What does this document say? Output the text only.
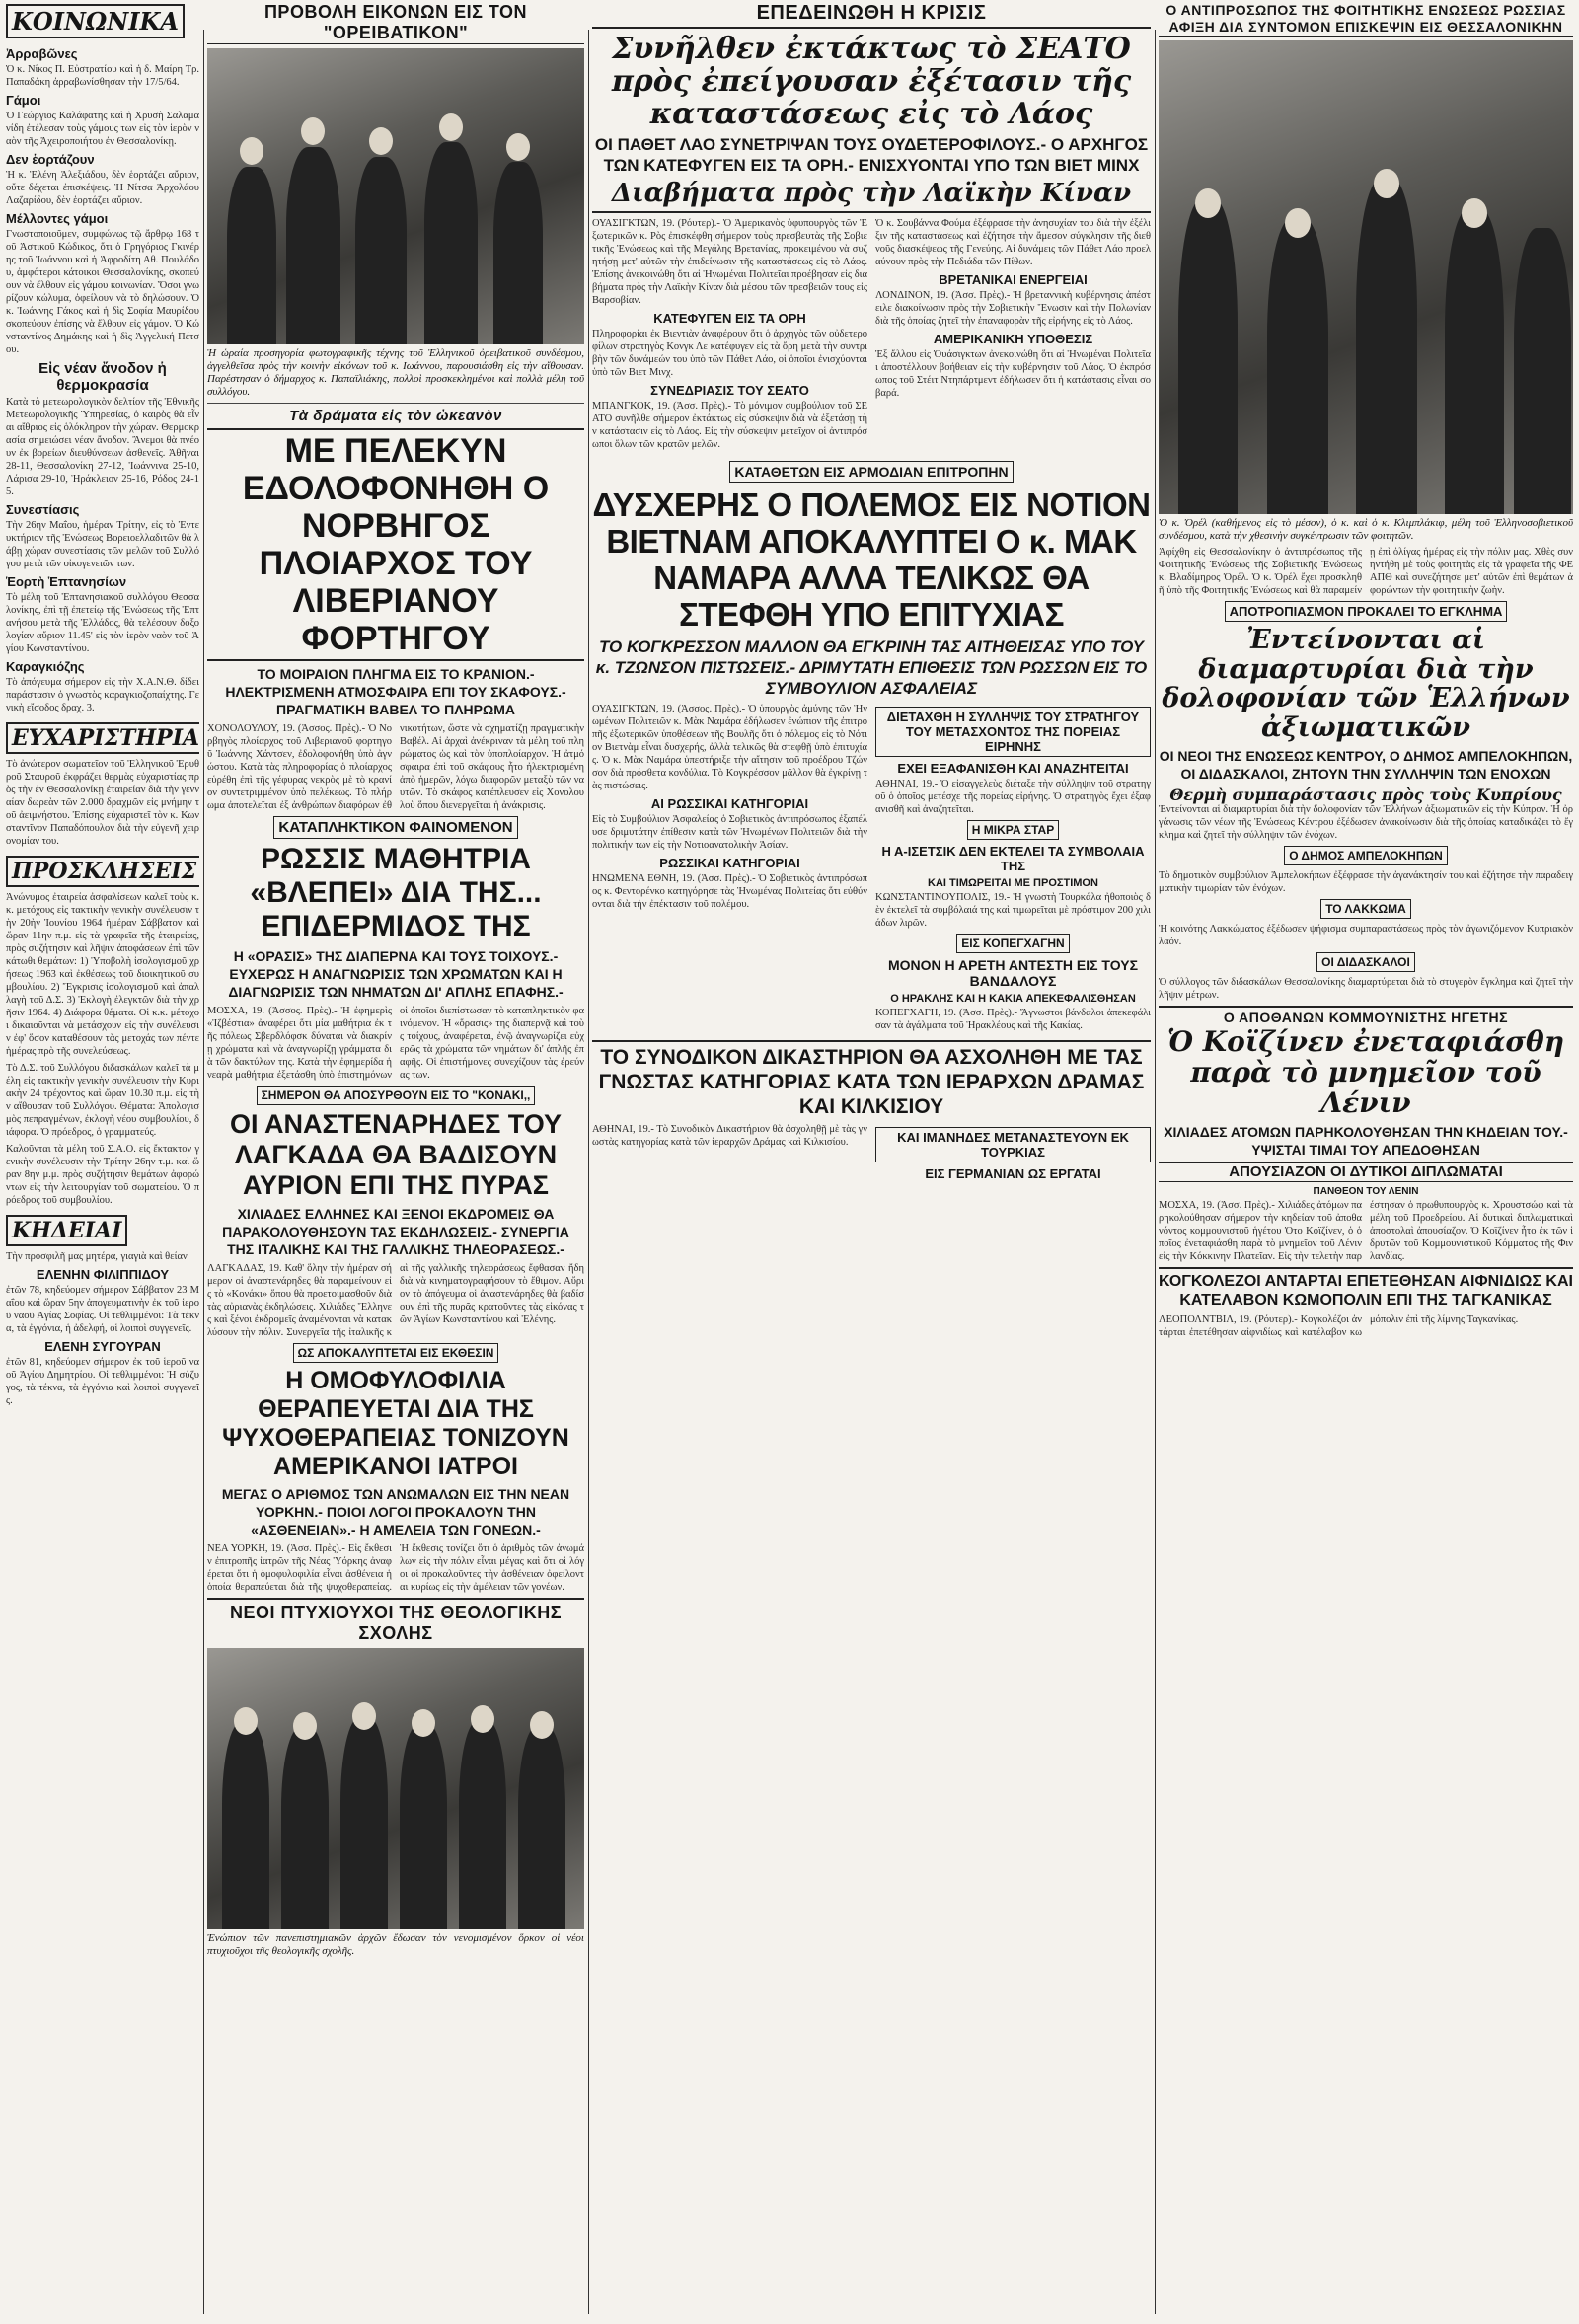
ΚΟΙΝΩΝΙΚΑ
Ἀρραβῶνες

Ὁ κ. Νίκος Π. Εὐστρατίου καὶ ἡ δ. Μαίρη Τρ. Παπαδάκη ἀρραβωνίσθησαν τὴν 17/5/64.

Γάμοι

Ὁ Γεώργιος Καλάφατης καὶ ἡ Χρυσὴ Σαλαμανίδη ἐτέλεσαν τοὺς γάμους των εἰς τὸν ἱερὸν ναὸν τῆς Ἀχειροποιήτου ἐν Θεσσαλονίκῃ.

Δεν ἑορτάζουν

Ἡ κ. Ἑλένη Ἀλεξιάδου, δὲν ἑορτάζει αὔριον, οὔτε δέχεται ἐπισκέψεις. Ἡ Νίτσα Ἀρχολάου Λαζαρίδου, δὲν ἑορτάζει αὔριον.

Μέλλοντες γάμοι

Γνωστοποιοῦμεν, συμφώνως τῷ ἄρθρῳ 168 τοῦ Ἀστικοῦ Κώδικος, ὅτι ὁ Γρηγόριος Γκινέρης τοῦ Ἰωάννου καὶ ἡ Ἀφροδίτη Αθ. Πουλάδου, ἀμφότεροι κάτοικοι Θεσσαλονίκης, σκοπεύουν νὰ ἔλθουν εἰς γάμου κοινωνίαν. Ὅσοι γνωρίζουν κώλυμα, ὀφείλουν νὰ τὸ δηλώσουν. Ὁ κ. Ἰωάννης Γάκος καὶ ἡ δὶς Σοφία Μαυρίδου σκοπεύουν ἐπίσης νὰ ἔλθουν εἰς γάμον. Ὁ Κώνσταντίνος Δημάκης καὶ ἡ δὶς Ἀγγελική Πέτσου.

Εἰς νέαν ἄνοδον ἡ θερμοκρασία

Κατὰ τὸ μετεωρολογικὸν δελτίον τῆς Ἐθνικῆς Μετεωρολογικῆς Ὑπηρεσίας, ὁ καιρὸς θὰ εἶναι αἴθριος εἰς ὁλόκληρον τὴν χώραν. Θερμοκρασία σημειώσει νέαν ἄνοδον. Ἄνεμοι θὰ πνέουν ἐκ βορείων διευθύνσεων ἀσθενεῖς. Ἀθῆναι 28-11, Θεσσαλονίκη 27-12, Ἰωάννινα 25-10, Λάρισα 29-10, Ἡράκλειον 25-16, Ρόδος 24-15.

Συνεστίασις

Τὴν 26ην Μαΐου, ἡμέραν Τρίτην, εἰς τὸ Ἐντευκτήριον τῆς Ἑνώσεως Βορειοελλαδιτῶν θὰ λάβῃ χώραν συνεστίασις τῶν μελῶν τοῦ Συλλόγου μετὰ τῶν οἰκογενειῶν των.

Ἑορτὴ Ἑπτανησίων

Τὸ μέλη τοῦ Ἑπτανησιακοῦ συλλόγου Θεσσαλονίκης, ἐπὶ τῇ ἐπετείῳ τῆς Ἑνώσεως τῆς Ἑπτανήσου μετὰ τῆς Ἑλλάδος, θὰ τελέσουν δοξολογίαν αὔριον 11.45' εἰς τὸν ἱερὸν ναὸν τοῦ Ἁγίου Κωνσταντίνου.

Καραγκιόζης

Τὸ ἀπόγευμα σήμερον εἰς τὴν Χ.Α.Ν.Θ. δίδει παράστασιν ὁ γνωστὸς καραγκιοζοπαίχτης. Γενικὴ εἴσοδος δραχ. 3.

ΕΥΧΑΡΙΣΤΗΡΙΑ

Τὸ ἀνώτερον σωματεῖον τοῦ Ἑλληνικοῦ Ἐρυθροῦ Σταυροῦ ἐκφράζει θερμὰς εὐχαριστίας πρὸς τὴν ἐν Θεσσαλονίκῃ ἐταιρείαν διὰ τὴν γενναίαν δωρεὰν τῶν 2.000 δραχμῶν εἰς μνήμην τοῦ ἀειμνήστου. Ἐπίσης εὐχαριστεῖ τὸν κ. Κωνσταντῖνον Παπαδόπουλον διὰ τὴν εὐγενῆ χειρονομίαν του.

ΠΡΟΣΚΛΗΣΕΙΣ

Ἀνώνυμος ἐταιρεία ἀσφαλίσεων καλεῖ τοὺς κ.κ. μετόχους εἰς τακτικὴν γενικὴν συνέλευσιν τὴν 20ὴν Ἰουνίου 1964 ἡμέραν Σάββατον καὶ ὥραν 11ην π.μ. εἰς τὰ γραφεῖα τῆς ἑταιρείας, πρὸς συζήτησιν καὶ λῆψιν ἀποφάσεων ἐπὶ τῶν κάτωθι θεμάτων: 1) Ὑποβολὴ ἰσολογισμοῦ χρήσεως 1963 καὶ ἐκθέσεως τοῦ διοικητικοῦ συμβουλίου. 2) Ἔγκρισις ἰσολογισμοῦ καὶ ἀπαλλαγὴ τοῦ Δ.Σ. 3) Ἐκλογὴ ἐλεγκτῶν διὰ τὴν χρῆσιν 1964. 4) Διάφορα θέματα. Οἱ κ.κ. μέτοχοι δικαιοῦνται νὰ μετάσχουν εἰς τὴν συνέλευσιν ἐφ' ὅσον καταθέσουν τὰς μετοχάς των πέντε ἡμέρας πρὸ τῆς συνελεύσεως.

Τὸ Δ.Σ. τοῦ Συλλόγου διδασκάλων καλεῖ τὰ μέλη εἰς τακτικὴν γενικὴν συνέλευσιν τὴν Κυριακὴν 24 τρέχοντος καὶ ὥραν 10.30 π.μ. εἰς τὴν αἴθουσαν τοῦ Συλλόγου. Θέματα: Ἀπολογισμὸς πεπραγμένων, ἐκλογὴ νέου συμβουλίου, διάφορα. Ὁ πρόεδρος, ὁ γραμματεύς.

Καλοῦνται τὰ μέλη τοῦ Σ.Α.Ο. εἰς ἔκτακτον γενικὴν συνέλευσιν τὴν Τρίτην 26ην τ.μ. καὶ ὥραν 8ην μ.μ. πρὸς συζήτησιν θεμάτων ἀφορώντων εἰς τὴν λειτουργίαν τοῦ σωματείου. Ὁ πρόεδρος τοῦ συμβουλίου.

ΚΗΔΕΙΑΙ

Τὴν προσφιλῆ μας μητέρα, γιαγιὰ καὶ θείαν

ΕΛΕΝΗΝ ΦΙΛΙΠΠΙΔΟΥ

ἐτῶν 78, κηδεύομεν σήμερον Σάββατον 23 Μαΐου καὶ ὥραν 5ην ἀπογευματινὴν ἐκ τοῦ ἱεροῦ ναοῦ Ἁγίας Σοφίας. Οἱ τεθλιμμένοι: Τὰ τέκνα, τὰ ἐγγόνια, ἡ ἀδελφή, οἱ λοιποὶ συγγενεῖς.

ΕΛΕΝΗ ΣΥΓΟΥΡΑΝ

ἐτῶν 81, κηδεύομεν σήμερον ἐκ τοῦ ἱεροῦ ναοῦ Ἁγίου Δημητρίου. Οἱ τεθλιμμένοι: Ἡ σύζυγος, τὰ τέκνα, τὰ ἐγγόνια καὶ λοιποὶ συγγενεῖς.

ΠΡΟΒΟΛΗ ΕΙΚΟΝΩΝ ΕΙΣ ΤΟΝ "ΟΡΕΙΒΑΤΙΚΟΝ"

Ἡ ὡραία προσηγορία φωτογραφικῆς τέχνης τοῦ Ἑλληνικοῦ ὀρειβατικοῦ συνδέσμου, ἀγγελθεῖσα πρὸς τὴν κοινὴν εἰκόνων τοῦ κ. Ιωάννου, παρουσιάσθη εἰς τὴν αἴθουσαν. Παρέστησαν ὁ δήμαρχος κ. Παπαϊλιάκης, πολλοὶ προσκεκλημένοι καὶ πολλὰ μέλη τοῦ συλλόγου.

Τὰ δράματα εἰς τὸν ὠκεανὸν
ΜΕ ΠΕΛΕΚΥΝ ΕΔΟΛΟΦΟΝΗΘΗ Ο ΝΟΡΒΗΓΟΣ ΠΛΟΙΑΡΧΟΣ ΤΟΥ ΛΙΒΕΡΙΑΝΟΥ ΦΟΡΤΗΓΟΥ
ΤΟ ΜΟΙΡΑΙΟΝ ΠΛΗΓΜΑ ΕΙΣ ΤΟ ΚΡΑΝΙΟΝ.- ΗΛΕΚΤΡΙΣΜΕΝΗ ΑΤΜΟΣΦΑΙΡΑ ΕΠΙ ΤΟΥ ΣΚΑΦΟΥΣ.- ΠΡΑΓΜΑΤΙΚΗ ΒΑΒΕΛ ΤΟ ΠΛΗΡΩΜΑ

ΧΟΝΟΛΟΥΛΟΥ, 19. (Ἀσσος. Πρὲς).- Ὁ Νορβηγὸς πλοίαρχος τοῦ Λιβεριανοῦ φορτηγοῦ Ἰωάννης Χάντσεν, ἐδολοφονήθη ὑπὸ ἀγνώστου. Κατὰ τὰς πληροφορίας ὁ πλοίαρχος εὑρέθη ἐπὶ τῆς γέφυρας νεκρὸς μὲ τὸ κρανίον συντετριμμένον ὑπὸ πελέκεως. Τὸ πλήρωμα ἀποτελεῖται ἐξ ἀνθρώπων διαφόρων ἐθνικοτήτων, ὥστε νὰ σχηματίζῃ πραγματικὴν Βαβέλ. Αἱ ἀρχαὶ ἀνέκριναν τὰ μέλη τοῦ πληρώματος ὡς καὶ τὸν ὑποπλοίαρχον. Ἡ ἀτμόσφαιρα ἐπὶ τοῦ σκάφους ἦτο ἠλεκτρισμένη ἀπὸ ἡμερῶν, λόγω διαφορῶν μεταξὺ τῶν ναυτῶν. Τὸ σκάφος κατέπλευσεν εἰς Χονολουλοὺ ὅπου διενεργεῖται ἡ ἀνάκρισις.

ΚΑΤΑΠΛΗΚΤΙΚΟΝ ΦΑΙΝΟΜΕΝΟΝ
ΡΩΣΣΙΣ ΜΑΘΗΤΡΙΑ «ΒΛΕΠΕΙ» ΔΙΑ ΤΗΣ... ΕΠΙΔΕΡΜΙΔΟΣ ΤΗΣ
Η «ΟΡΑΣΙΣ» ΤΗΣ ΔΙΑΠΕΡΝΑ ΚΑΙ ΤΟΥΣ ΤΟΙΧΟΥΣ.- ΕΥΧΕΡΩΣ Η ΑΝΑΓΝΩΡΙΣΙΣ ΤΩΝ ΧΡΩΜΑΤΩΝ ΚΑΙ Η ΔΙΑΓΝΩΡΙΣΙΣ ΤΩΝ ΝΗΜΑΤΩΝ ΔΙ' ΑΠΛΗΣ ΕΠΑΦΗΣ.-

ΜΟΣΧΑ, 19. (Ἀσσος. Πρὲς).- Ἡ ἐφημερὶς «Ἰζβέστια» ἀναφέρει ὅτι μία μαθήτρια ἐκ τῆς πόλεως Σβερδλόφσκ δύναται νὰ διακρίνῃ χρώματα καὶ νὰ ἀναγνωρίζῃ γράμματα διὰ τῶν δακτύλων της. Κατὰ τὴν ἐφημερίδα ἡ νεαρὰ μαθήτρια ἐξετάσθη ὑπὸ ἐπιστημόνων οἱ ὁποῖοι διεπίστωσαν τὸ καταπληκτικὸν φαινόμενον. Ἡ «ὅρασις» της διαπερνᾷ καὶ τοὺς τοίχους, ἀναφέρεται, ἐνῷ ἀναγνωρίζει εὐχερῶς τὰ χρώματα τῶν νημάτων δι' ἁπλῆς ἐπαφῆς. Οἱ ἐπιστήμονες συνεχίζουν τὰς ἐρεύνας των.

ΣΗΜΕΡΟΝ ΘΑ ΑΠΟΣΥΡΘΟΥΝ ΕΙΣ ΤΟ "ΚΟΝΑΚΙ,,
ΟΙ ΑΝΑΣΤΕΝΑΡΗΔΕΣ ΤΟΥ ΛΑΓΚΑΔΑ ΘΑ ΒΑΔΙΣΟΥΝ ΑΥΡΙΟΝ ΕΠΙ ΤΗΣ ΠΥΡΑΣ
ΧΙΛΙΑΔΕΣ ΕΛΛΗΝΕΣ ΚΑΙ ΞΕΝΟΙ ΕΚΔΡΟΜΕΙΣ ΘΑ ΠΑΡΑΚΟΛΟΥΘΗΣΟΥΝ ΤΑΣ ΕΚΔΗΛΩΣΕΙΣ.- ΣΥΝΕΡΓΙΑ ΤΗΣ ΙΤΑΛΙΚΗΣ ΚΑΙ ΤΗΣ ΓΑΛΛΙΚΗΣ ΤΗΛΕΟΡΑΣΕΩΣ.-

ΛΑΓΚΑΔΑΣ, 19. Καθ' ὅλην τὴν ἡμέραν σήμερον οἱ ἀναστενάρηδες θὰ παραμείνουν εἰς τὸ «Κονάκι» ὅπου θὰ προετοιμασθοῦν διὰ τὰς αὐριανὰς ἐκδηλώσεις. Χιλιάδες Ἕλληνες καὶ ξένοι ἐκδρομεῖς ἀναμένονται νὰ κατακλύσουν τὴν πόλιν. Συνεργεῖα τῆς ἰταλικῆς καὶ τῆς γαλλικῆς τηλεοράσεως ἔφθασαν ἤδη διὰ νὰ κινηματογραφήσουν τὸ ἔθιμον. Αὔριον τὸ ἀπόγευμα οἱ ἀναστενάρηδες θὰ βαδίσουν ἐπὶ τῆς πυρᾶς κρατοῦντες τὰς εἰκόνας τῶν Ἁγίων Κωνσταντίνου καὶ Ἑλένης.

ΩΣ ΑΠΟΚΑΛΥΠΤΕΤΑΙ ΕΙΣ ΕΚΘΕΣΙΝ
Η ΟΜΟΦΥΛΟΦΙΛΙΑ ΘΕΡΑΠΕΥΕΤΑΙ ΔΙΑ ΤΗΣ ΨΥΧΟΘΕΡΑΠΕΙΑΣ ΤΟΝΙΖΟΥΝ ΑΜΕΡΙΚΑΝΟΙ ΙΑΤΡΟΙ
ΜΕΓΑΣ Ο ΑΡΙΘΜΟΣ ΤΩΝ ΑΝΩΜΑΛΩΝ ΕΙΣ ΤΗΝ ΝΕΑΝ ΥΟΡΚΗΝ.- ΠΟΙΟΙ ΛΟΓΟΙ ΠΡΟΚΑΛΟΥΝ ΤΗΝ «ΑΣΘΕΝΕΙΑΝ».- Η ΑΜΕΛΕΙΑ ΤΩΝ ΓΟΝΕΩΝ.-

ΝΕΑ ΥΟΡΚΗ, 19. (Ἀσσ. Πρὲς).- Εἰς ἔκθεσιν ἐπιτροπῆς ἰατρῶν τῆς Νέας Ὑόρκης ἀναφέρεται ὅτι ἡ ὁμοφυλοφιλία εἶναι ἀσθένεια ἡ ὁποία θεραπεύεται διὰ τῆς ψυχοθεραπείας. Ἡ ἔκθεσις τονίζει ὅτι ὁ ἀριθμὸς τῶν ἀνωμάλων εἰς τὴν πόλιν εἶναι μέγας καὶ ὅτι οἱ λόγοι οἱ προκαλοῦντες τὴν ἀσθένειαν ὀφείλονται κυρίως εἰς τὴν ἀμέλειαν τῶν γονέων.

ΝΕΟΙ ΠΤΥΧΙΟΥΧΟΙ ΤΗΣ ΘΕΟΛΟΓΙΚΗΣ ΣΧΟΛΗΣ

Ἐνώπιον τῶν πανεπιστημιακῶν ἀρχῶν ἔδωσαν τὸν νενομισμένον ὅρκον οἱ νέοι πτυχιοῦχοι τῆς θεολογικῆς σχολῆς.

ΕΠΕΔΕΙΝΩΘΗ Η ΚΡΙΣΙΣ
Συνῆλθεν ἐκτάκτως τὸ ΣΕΑΤΟ πρὸς ἐπείγουσαν ἐξέτασιν τῆς καταστάσεως εἰς τὸ Λάος
ΟΙ ΠΑΘΕΤ ΛΑΟ ΣΥΝΕΤΡΙΨΑΝ ΤΟΥΣ ΟΥΔΕΤΕΡΟΦΙΛΟΥΣ.- Ο ΑΡΧΗΓΟΣ ΤΩΝ ΚΑΤΕΦΥΓΕΝ ΕΙΣ ΤΑ ΟΡΗ.- ΕΝΙΣΧΥΟΝΤΑΙ ΥΠΟ ΤΩΝ ΒΙΕΤ ΜΙΝΧ
Διαβήματα πρὸς τὴν Λαϊκὴν Κίναν

ΟΥΑΣΙΓΚΤΩΝ, 19. (Ρόυτερ).- Ὁ Ἀμερικανὸς ὑφυπουργὸς τῶν Ἐξωτερικῶν κ. Ρὸς ἐπισκέφθη σήμερον τοὺς πρεσβευτὰς τῆς Σοβιετικῆς Ἑνώσεως καὶ τῆς Μεγάλης Βρετανίας, προκειμένου νὰ συζητήσῃ μετ' αὐτῶν τὴν ἐπιδείνωσιν τῆς καταστάσεως εἰς τὸ Λάος. Ἐπίσης ἀνεκοινώθη ὅτι αἱ Ἡνωμέναι Πολιτεῖαι προέβησαν εἰς διαβήματα πρὸς τὴν Λαϊκὴν Κίναν διὰ μέσου τῶν πρεσβειῶν τους εἰς Βαρσοβίαν.

ΚΑΤΕΦΥΓΕΝ ΕΙΣ ΤΑ ΟΡΗ

Πληροφορίαι ἐκ Βιεντιὰν ἀναφέρουν ὅτι ὁ ἀρχηγὸς τῶν οὐδετεροφίλων στρατηγὸς Κονγκ Λε κατέφυγεν εἰς τὰ ὄρη μετὰ τὴν συντριβὴν τῶν δυνάμεών του ὑπὸ τῶν Πάθετ Λάο, οἱ ὁποῖοι ἐνισχύονται ὑπὸ τῶν Βιετ Μινχ.

ΣΥΝΕΔΡΙΑΣΙΣ ΤΟΥ ΣΕΑΤΟ

ΜΠΑΝΓΚΟΚ, 19. (Ἀσσ. Πρὲς).- Τὸ μόνιμον συμβούλιον τοῦ ΣΕΑΤΟ συνῆλθε σήμερον ἐκτάκτως εἰς σύσκεψιν διὰ νὰ ἐξετάσῃ τὴν κατάστασιν εἰς τὸ Λάος. Εἰς τὴν σύσκεψιν μετεῖχον οἱ ἀντιπρόσωποι ὅλων τῶν κρατῶν μελῶν.

Ὁ κ. Σουβάννα Φούμα ἐξέφρασε τὴν ἀνησυχίαν του διὰ τὴν ἐξέλιξιν τῆς καταστάσεως καὶ ἐζήτησε τὴν ἄμεσον σύγκλησιν τῆς διεθνοῦς διασκέψεως τῆς Γενεύης. Αἱ δυνάμεις τῶν Πάθετ Λάο προελαύνουν πρὸς τὴν Πεδιάδα τῶν Πίθων.

ΒΡΕΤΑΝΙΚΑΙ ΕΝΕΡΓΕΙΑΙ

ΛΟΝΔΙΝΟΝ, 19. (Ἀσσ. Πρὲς).- Ἡ βρεταννικὴ κυβέρνησις ἀπέστειλε διακοίνωσιν πρὸς τὴν Σοβιετικὴν Ἕνωσιν καὶ τὴν Πολωνίαν διὰ τῆς ὁποίας ζητεῖ τὴν ἐπαναφορὰν τῆς εἰρήνης εἰς τὸ Λάος.

ΑΜΕΡΙΚΑΝΙΚΗ ΥΠΟΘΕΣΙΣ

Ἐξ ἄλλου εἰς Ὀυάσιγκτων ἀνεκοινώθη ὅτι αἱ Ἡνωμέναι Πολιτεῖαι ἀποστέλλουν βοήθειαν εἰς τὴν κυβέρνησιν τοῦ Λάος. Ὁ ἐκπρόσωπος τοῦ Στέιτ Ντηπάρτμεντ ἐδήλωσεν ὅτι ἡ κατάστασις εἶναι σοβαρά.

ΚΑΤΑΘΕΤΩΝ ΕΙΣ ΑΡΜΟΔΙΑΝ ΕΠΙΤΡΟΠΗΝ
ΔΥΣΧΕΡΗΣ Ο ΠΟΛΕΜΟΣ ΕΙΣ ΝΟΤΙΟΝ ΒΙΕΤΝΑΜ ΑΠΟΚΑΛΥΠΤΕΙ Ο κ. ΜΑΚ ΝΑΜΑΡΑ ΑΛΛΑ ΤΕΛΙΚΩΣ ΘΑ ΣΤΕΦΘΗ ΥΠΟ ΕΠΙΤΥΧΙΑΣ
ΤΟ ΚΟΓΚΡΕΣΣΟΝ ΜΑΛΛΟΝ ΘΑ ΕΓΚΡΙΝΗ ΤΑΣ ΑΙΤΗΘΕΙΣΑΣ ΥΠΟ ΤΟΥ κ. ΤΖΩΝΣΟΝ ΠΙΣΤΩΣΕΙΣ.- ΔΡΙΜΥΤΑΤΗ ΕΠΙΘΕΣΙΣ ΤΩΝ ΡΩΣΣΩΝ ΕΙΣ ΤΟ ΣΥΜΒΟΥΛΙΟΝ ΑΣΦΑΛΕΙΑΣ

ΟΥΑΣΙΓΚΤΩΝ, 19. (Ἀσσος. Πρὲς).- Ὁ ὑπουργὸς ἀμύνης τῶν Ἡνωμένων Πολιτειῶν κ. Μὰκ Ναμάρα ἐδήλωσεν ἐνώπιον τῆς ἐπιτροπῆς ἐξωτερικῶν ὑποθέσεων τῆς Βουλῆς ὅτι ὁ πόλεμος εἰς τὸ Νότιον Βιετνὰμ εἶναι δυσχερής, ἀλλὰ τελικῶς θὰ στεφθῇ ὑπὸ ἐπιτυχίας. Ὁ κ. Μὰκ Ναμάρα ὑπεστήριξε τὴν αἴτησιν τοῦ προέδρου Τζώνσον διὰ πρόσθετα κονδύλια. Τὸ Κογκρέσσον μᾶλλον θὰ ἐγκρίνῃ τὰς πιστώσεις.

ΑΙ ΡΩΣΣΙΚΑΙ ΚΑΤΗΓΟΡΙΑΙ

Εἰς τὸ Συμβούλιον Ἀσφαλείας ὁ Σοβιετικὸς ἀντιπρόσωπος ἐξαπέλυσε δριμυτάτην ἐπίθεσιν κατὰ τῶν Ἡνωμένων Πολιτειῶν διὰ τὴν πολιτικήν των εἰς τὴν Νοτιοανατολικὴν Ἀσίαν.

ΡΩΣΣΙΚΑΙ ΚΑΤΗΓΟΡΙΑΙ

ΗΝΩΜΕΝΑ ΕΘΝΗ, 19. (Ἀσσ. Πρὲς).- Ὁ Σοβιετικὸς ἀντιπρόσωπος κ. Φεντορένκο κατηγόρησε τὰς Ἡνωμένας Πολιτείας ὅτι εὐθύνονται διὰ τὴν ἐπέκτασιν τοῦ πολέμου.

ΔΙΕΤΑΧΘΗ Η ΣΥΛΛΗΨΙΣ ΤΟΥ ΣΤΡΑΤΗΓΟΥ ΤΟΥ ΜΕΤΑΣΧΟΝΤΟΣ ΤΗΣ ΠΟΡΕΙΑΣ ΕΙΡΗΝΗΣ
ΕΧΕΙ ΕΞΑΦΑΝΙΣΘΗ ΚΑΙ ΑΝΑΖΗΤΕΙΤΑΙ

ΑΘΗΝΑΙ, 19.- Ὁ εἰσαγγελεὺς διέταξε τὴν σύλληψιν τοῦ στρατηγοῦ ὁ ὁποῖος μετέσχε τῆς πορείας εἰρήνης. Ὁ στρατηγὸς ἔχει ἐξαφανισθῆ καὶ ἀναζητεῖται.

Η ΜΙΚΡΑ ΣΤΑΡ
Η Α-ΙΣΕΤΣΙΚ ΔΕΝ ΕΚΤΕΛΕΙ ΤΑ ΣΥΜΒΟΛΑΙΑ ΤΗΣ
ΚΑΙ ΤΙΜΩΡΕΙΤΑΙ ΜΕ ΠΡΟΣΤΙΜΟΝ

ΚΩΝΣΤΑΝΤΙΝΟΥΠΟΛΙΣ, 19.- Ἡ γνωστὴ Τουρκάλα ἠθοποιὸς δὲν ἐκτελεῖ τὰ συμβόλαιά της καὶ τιμωρεῖται μὲ πρόστιμον 200 χιλιάδων λιρῶν.

ΕΙΣ ΚΟΠΕΓΧΑΓΗΝ
ΜΟΝΟΝ Η ΑΡΕΤΗ ΑΝΤΕΣΤΗ ΕΙΣ ΤΟΥΣ ΒΑΝΔΑΛΟΥΣ
Ο ΗΡΑΚΛΗΣ ΚΑΙ Η ΚΑΚΙΑ ΑΠΕΚΕΦΑΛΙΣΘΗΣΑΝ

ΚΟΠΕΓΧΑΓΗ, 19. (Ἀσσ. Πρὲς).- Ἄγνωστοι βάνδαλοι ἀπεκεφάλισαν τὰ ἀγάλματα τοῦ Ἡρακλέους καὶ τῆς Κακίας.

ΤΟ ΣΥΝΟΔΙΚΟΝ ΔΙΚΑΣΤΗΡΙΟΝ ΘΑ ΑΣΧΟΛΗΘΗ ΜΕ ΤΑΣ ΓΝΩΣΤΑΣ ΚΑΤΗΓΟΡΙΑΣ ΚΑΤΑ ΤΩΝ ΙΕΡΑΡΧΩΝ ΔΡΑΜΑΣ ΚΑΙ ΚΙΛΚΙΣΙΟΥ

ΑΘΗΝΑΙ, 19.- Τὸ Συνοδικὸν Δικαστήριον θὰ ἀσχοληθῇ μὲ τὰς γνωστὰς κατηγορίας κατὰ τῶν ἱεραρχῶν Δράμας καὶ Κιλκισίου.	ΚΑΙ ΙΜΑΝΗΔΕΣ ΜΕΤΑΝΑΣΤΕΥΟΥΝ ΕΚ ΤΟΥΡΚΙΑΣ
ΕΙΣ ΓΕΡΜΑΝΙΑΝ ΩΣ ΕΡΓΑΤΑΙ
Ο ΑΝΤΙΠΡΟΣΩΠΟΣ ΤΗΣ ΦΟΙΤΗΤΙΚΗΣ ΕΝΩΣΕΩΣ ΡΩΣΣΙΑΣ ΑΦΙΞΗ ΔΙΑ ΣΥΝΤΟΜΟΝ ΕΠΙΣΚΕΨΙΝ ΕΙΣ ΘΕΣΣΑΛΟΝΙΚΗΝ

Ὁ κ. Ὀρέλ (καθήμενος εἰς τὸ μέσον), ὁ κ. καὶ ὁ κ. Κλιμπλάκιφ, μέλη τοῦ Ἑλληνοσοβιετικοῦ συνδέσμου, κατὰ τὴν χθεσινὴν συγκέντρωσιν τῶν φοιτητῶν.

Ἀφίχθη εἰς Θεσσαλονίκην ὁ ἀντιπρόσωπος τῆς Φοιτητικῆς Ἑνώσεως τῆς Σοβιετικῆς Ἑνώσεως κ. Βλαδίμηρος Ὀρέλ. Ὁ κ. Ὀρέλ ἔχει προσκληθῆ ὑπὸ τῆς Φοιτητικῆς Ἑνώσεως καὶ θὰ παραμείνῃ ἐπὶ ὀλίγας ἡμέρας εἰς τὴν πόλιν μας. Χθὲς συνηντήθη μὲ τοὺς φοιτητὰς εἰς τὰ γραφεῖα τῆς ΦΕΑΠΘ καὶ συνεζήτησε μετ' αὐτῶν ἐπὶ θεμάτων ἀφορώντων τὴν φοιτητικὴν ζωὴν.

ΑΠΟΤΡΟΠΙΑΣΜΟΝ ΠΡΟΚΑΛΕΙ ΤΟ ΕΓΚΛΗΜΑ
Ἐντείνονται αἱ διαμαρτυρίαι διὰ τὴν δολοφονίαν τῶν Ἑλλήνων ἀξιωματικῶν
ΟΙ ΝΕΟΙ ΤΗΣ ΕΝΩΣΕΩΣ ΚΕΝΤΡΟΥ, Ο ΔΗΜΟΣ ΑΜΠΕΛΟΚΗΠΩΝ, ΟΙ ΔΙΔΑΣΚΑΛΟΙ, ΖΗΤΟΥΝ ΤΗΝ ΣΥΛΛΗΨΙΝ ΤΩΝ ΕΝΟΧΩΝ
Θερμὴ συμπαράστασις πρὸς τοὺς Κυπρίους

Ἐντείνονται αἱ διαμαρτυρίαι διὰ τὴν δολοφονίαν τῶν Ἑλλήνων ἀξιωματικῶν εἰς τὴν Κύπρον. Ἡ ὀργάνωσις τῶν νέων τῆς Ἑνώσεως Κέντρου ἐξέδωσεν ἀνακοίνωσιν διὰ τῆς ὁποίας καταδικάζει τὸ ἔγκλημα καὶ ζητεῖ τὴν σύλληψιν τῶν ἐνόχων.

Ο ΔΗΜΟΣ ΑΜΠΕΛΟΚΗΠΩΝ

Τὸ δημοτικὸν συμβούλιον Ἀμπελοκήπων ἐξέφρασε τὴν ἀγανάκτησίν του καὶ ἐζήτησε τὴν παραδειγματικὴν τιμωρίαν τῶν ἐνόχων.

ΤΟ ΛΑΚΚΩΜΑ

Ἡ κοινότης Λακκώματος ἐξέδωσεν ψήφισμα συμπαραστάσεως πρὸς τὸν ἀγωνιζόμενον Κυπριακὸν λαόν.

ΟΙ ΔΙΔΑΣΚΑΛΟΙ

Ὁ σύλλογος τῶν διδασκάλων Θεσσαλονίκης διαμαρτύρεται διὰ τὸ στυγερὸν ἔγκλημα καὶ ζητεῖ τὴν λῆψιν μέτρων.

Ο ΑΠΟΘΑΝΩΝ ΚΟΜΜΟΥΝΙΣΤΗΣ ΗΓΕΤΗΣ
Ὁ Κοϊζίνεν ἐνεταφιάσθη παρὰ τὸ μνημεῖον τοῦ Λένιν
ΧΙΛΙΑΔΕΣ ΑΤΟΜΩΝ ΠΑΡΗΚΟΛΟΥΘΗΣΑΝ ΤΗΝ ΚΗΔΕΙΑΝ ΤΟΥ.- ΥΨΙΣΤΑΙ ΤΙΜΑΙ ΤΟΥ ΑΠΕΔΟΘΗΣΑΝ
ΑΠΟΥΣΙΑΖΟΝ ΟΙ ΔΥΤΙΚΟΙ ΔΙΠΛΩΜΑΤΑΙ
ΠΑΝΘΕΟΝ ΤΟΥ ΛΕΝΙΝ

ΜΟΣΧΑ, 19. (Ἀσσ. Πρὲς).- Χιλιάδες ἀτόμων παρηκολούθησαν σήμερον τὴν κηδείαν τοῦ ἀποθανόντος κομμουνιστοῦ ἡγέτου Ὀτο Κοϊζίνεν, ὁ ὁποῖος ἐνεταφιάσθη παρὰ τὸ μνημεῖον τοῦ Λένιν εἰς τὴν Κόκκινην Πλατεῖαν. Εἰς τὴν τελετὴν παρέστησαν ὁ πρωθυπουργὸς κ. Χρουστσώφ καὶ τὰ μέλη τοῦ Προεδρείου. Αἱ δυτικαὶ διπλωματικαὶ ἀποστολαὶ ἀπουσίαζον. Ὁ Κοϊζίνεν ἦτο ἐκ τῶν ἱδρυτῶν τοῦ Κομμουνιστικοῦ Κόμματος τῆς Φινλανδίας.

ΚΟΓΚΟΛΕΖΟΙ ΑΝΤΑΡΤΑΙ ΕΠΕΤΕΘΗΣΑΝ ΑΙΦΝΙΔΙΩΣ ΚΑΙ ΚΑΤΕΛΑΒΟΝ ΚΩΜΟΠΟΛΙΝ ΕΠΙ ΤΗΣ ΤΑΓΚΑΝΙΚΑΣ

ΛΕΟΠΟΛΝΤΒΙΛ, 19. (Ρόυτερ).- Κογκολέζοι ἀντάρται ἐπετέθησαν αἰφνιδίως καὶ κατέλαβον κωμόπολιν ἐπὶ τῆς λίμνης Ταγκανίκας.
